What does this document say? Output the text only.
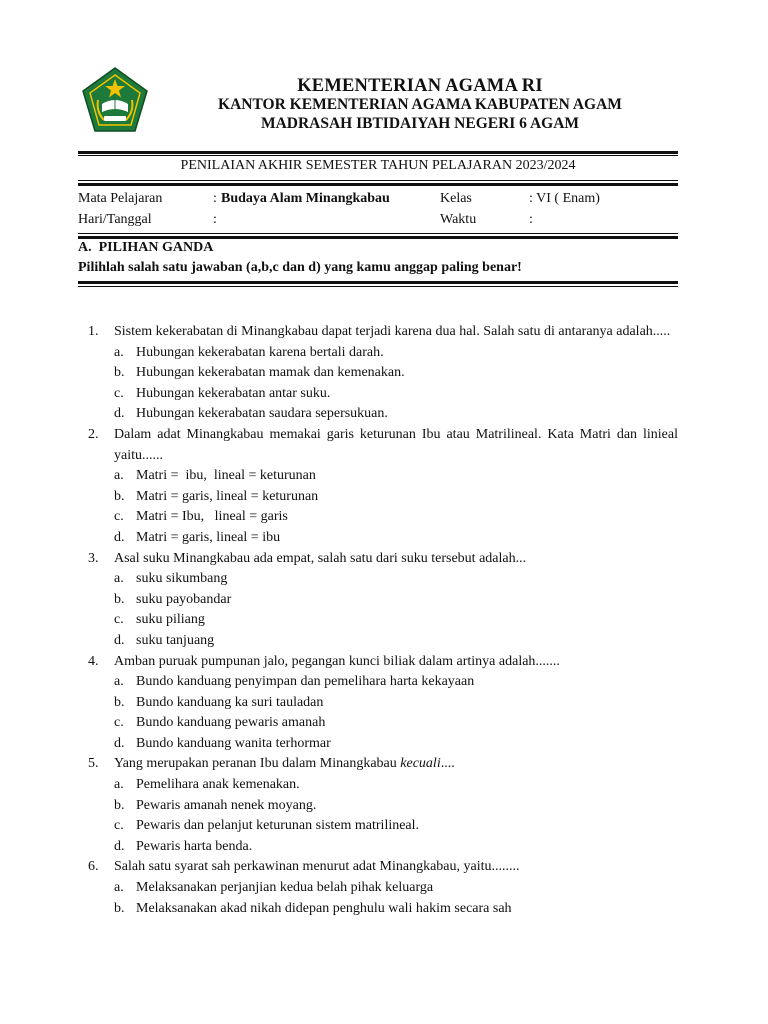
KEMENTERIAN AGAMA RI
KANTOR KEMENTERIAN AGAMA KABUPATEN AGAM
MADRASAH IBTIDAIYAH NEGERI 6 AGAM
PENILAIAN AKHIR SEMESTER TAHUN PELAJARAN 2023/2024
Mata Pelajaran	: Budaya Alam Minangkabau	Kelas	: VI ( Enam)
Hari/Tanggal	:	Waktu	:
A. PILIHAN GANDA
Pilihlah salah satu jawaban (a,b,c dan d) yang kamu anggap paling benar!
1. Sistem kekerabatan di Minangkabau dapat terjadi karena dua hal. Salah satu di antaranya adalah.....
a. Hubungan kekerabatan karena bertali darah.
b. Hubungan kekerabatan mamak dan kemenakan.
c. Hubungan kekerabatan antar suku.
d. Hubungan kekerabatan saudara sepersukuan.
2. Dalam adat Minangkabau memakai garis keturunan Ibu atau Matrilineal. Kata Matri dan linieal yaitu......
a. Matri =  ibu,  lineal = keturunan
b. Matri = garis, lineal = keturunan
c. Matri = Ibu,   lineal = garis
d. Matri = garis, lineal = ibu
3. Asal suku Minangkabau ada empat, salah satu dari suku tersebut adalah...
a. suku sikumbang
b. suku payobandar
c. suku piliang
d. suku tanjuang
4. Amban puruak pumpunan jalo, pegangan kunci biliak dalam artinya adalah.......
a. Bundo kanduang penyimpan dan pemelihara harta kekayaan
b. Bundo kanduang ka suri tauladan
c. Bundo kanduang pewaris amanah
d. Bundo kanduang wanita terhormar
5. Yang merupakan peranan Ibu dalam Minangkabau kecuali....
a. Pemelihara anak kemenakan.
b. Pewaris amanah nenek moyang.
c. Pewaris dan pelanjut keturunan sistem matrilineal.
d. Pewaris harta benda.
6. Salah satu syarat sah perkawinan menurut adat Minangkabau, yaitu........
a. Melaksanakan perjanjian kedua belah pihak keluarga
b. Melaksanakan akad nikah didepan penghulu wali hakim secara sah
